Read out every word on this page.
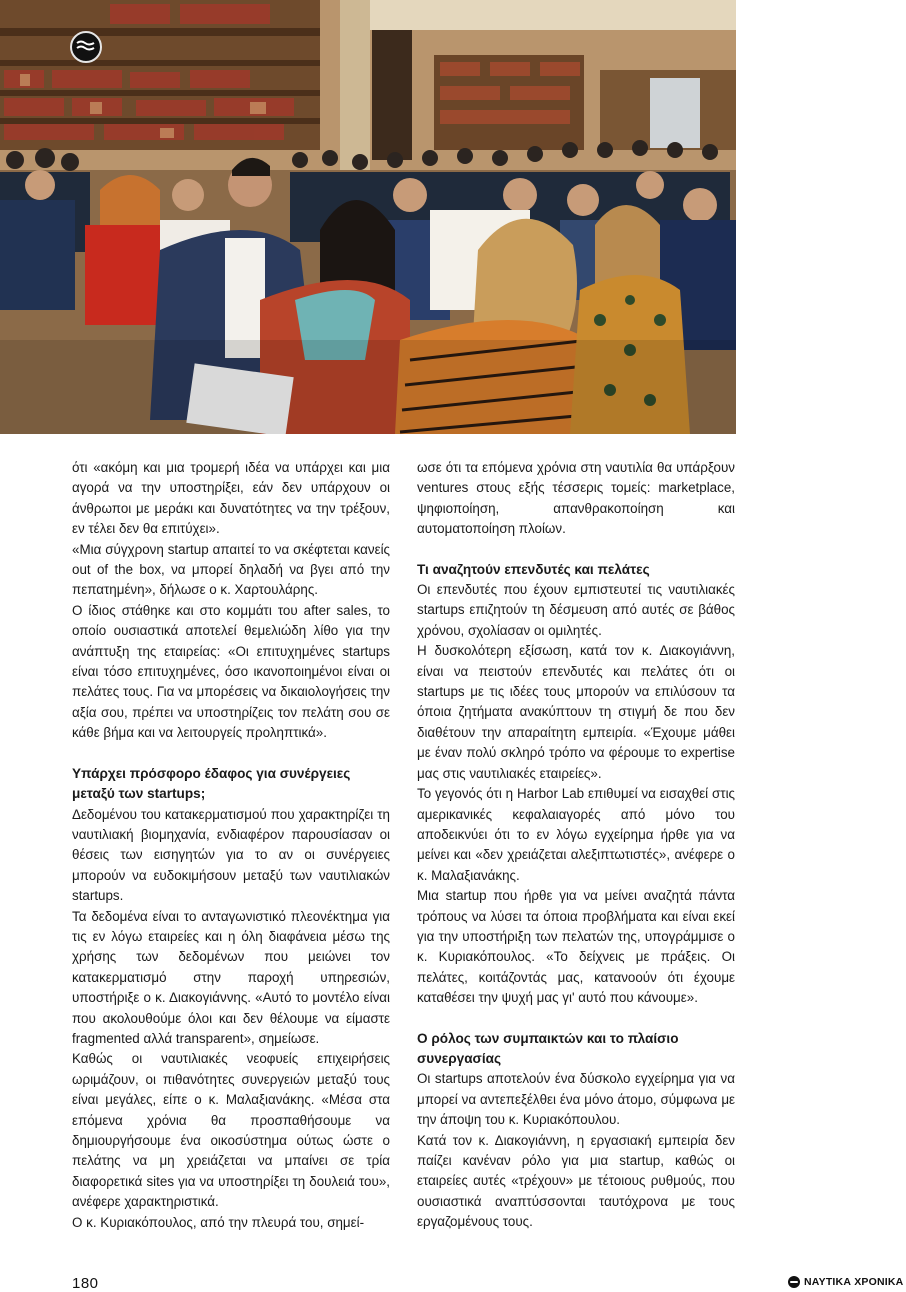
ότι «ακόμη και μια τρομερή ιδέα να υπάρχει και μια αγορά να την υποστηρίξει, εάν δεν υπάρχουν οι άνθρωποι με μεράκι και δυνατότητες να την τρέξουν, εν τέλει δεν θα επιτύχει».

«Μια σύγχρονη startup απαιτεί το να σκέφτεται κανείς out of the box, να μπορεί δηλαδή να βγει από την πεπατημένη», δήλωσε ο κ. Χαρτουλάρης.

Ο ίδιος στάθηκε και στο κομμάτι του after sales, το οποίο ουσιαστικά αποτελεί θεμελιώδη λίθο για την ανάπτυξη της εταιρείας: «Οι επιτυχημένες startups είναι τόσο επιτυχημένες, όσο ικανοποιημένοι είναι οι πελάτες τους. Για να μπορέσεις να δικαιολογήσεις την αξία σου, πρέπει να υποστηρίζεις τον πελάτη σου σε κάθε βήμα και να λειτουργείς προληπτικά».

Υπάρχει πρόσφορο έδαφος για συνέργειες μεταξύ των startups;

Δεδομένου του κατακερματισμού που χαρακτηρίζει τη ναυτιλιακή βιομηχανία, ενδιαφέρον παρουσίασαν οι θέσεις των εισηγητών για το αν οι συνέργειες μπορούν να ευδοκιμήσουν μεταξύ των ναυτιλιακών startups.

Τα δεδομένα είναι το ανταγωνιστικό πλεονέκτημα για τις εν λόγω εταιρείες και η όλη διαφάνεια μέσω της χρήσης των δεδομένων που μειώνει τον κατακερματισμό στην παροχή υπηρεσιών, υποστήριξε ο κ. Διακογιάννης. «Αυτό το μοντέλο είναι που ακολουθούμε όλοι και δεν θέλουμε να είμαστε fragmented αλλά transparent», σημείωσε.

Καθώς οι ναυτιλιακές νεοφυείς επιχειρήσεις ωριμάζουν, οι πιθανότητες συνεργειών μεταξύ τους είναι μεγάλες, είπε ο κ. Μαλαξιανάκης. «Μέσα στα επόμενα χρόνια θα προσπαθήσουμε να δημιουργήσουμε ένα οικοσύστημα ούτως ώστε ο πελάτης να μη χρειάζεται να μπαίνει σε τρία διαφορετικά sites για να υποστηρίξει τη δουλειά του», ανέφερε χαρακτηριστικά.

Ο κ. Κυριακόπουλος, από την πλευρά του, σημεί-

ωσε ότι τα επόμενα χρόνια στη ναυτιλία θα υπάρξουν ventures στους εξής τέσσερις τομείς: marketplace, ψηφιοποίηση, απανθρακοποίηση και αυτοματοποίηση πλοίων.

Τι αναζητούν επενδυτές και πελάτες

Οι επενδυτές που έχουν εμπιστευτεί τις ναυτιλιακές startups επιζητούν τη δέσμευση από αυτές σε βάθος χρόνου, σχολίασαν οι ομιλητές.

Η δυσκολότερη εξίσωση, κατά τον κ. Διακογιάννη, είναι να πειστούν επενδυτές και πελάτες ότι οι startups με τις ιδέες τους μπορούν να επιλύσουν τα όποια ζητήματα ανακύπτουν τη στιγμή δε που δεν διαθέτουν την απαραίτητη εμπειρία. «Έχουμε μάθει με έναν πολύ σκληρό τρόπο να φέρουμε το expertise μας στις ναυτιλιακές εταιρείες».

Το γεγονός ότι η Harbor Lab επιθυμεί να εισαχθεί στις αμερικανικές κεφαλαιαγορές από μόνο του αποδεικνύει ότι το εν λόγω εγχείρημα ήρθε για να μείνει και «δεν χρειάζεται αλεξιπτωτιστές», ανέφερε ο κ. Μαλαξιανάκης.

Μια startup που ήρθε για να μείνει αναζητά πάντα τρόπους να λύσει τα όποια προβλήματα και είναι εκεί για την υποστήριξη των πελατών της, υπογράμμισε ο κ. Κυριακόπουλος. «Το δείχνεις με πράξεις. Οι πελάτες, κοιτάζοντάς μας, κατανοούν ότι έχουμε καταθέσει την ψυχή μας γι' αυτό που κάνουμε».

Ο ρόλος των συμπαικτών και το πλαίσιο συνεργασίας

Οι startups αποτελούν ένα δύσκολο εγχείρημα για να μπορεί να αντεπεξέλθει ένα μόνο άτομο, σύμφωνα με την άποψη του κ. Κυριακόπουλου.

Κατά τον κ. Διακογιάννη, η εργασιακή εμπειρία δεν παίζει κανέναν ρόλο για μια startup, καθώς οι εταιρείες αυτές «τρέχουν» με τέτοιους ρυθμούς, που ουσιαστικά αναπτύσσονται ταυτόχρονα με τους εργαζομένους τους.

180	ΝΑΥΤΙΚΑ ΧΡΟΝΙΚΑ
